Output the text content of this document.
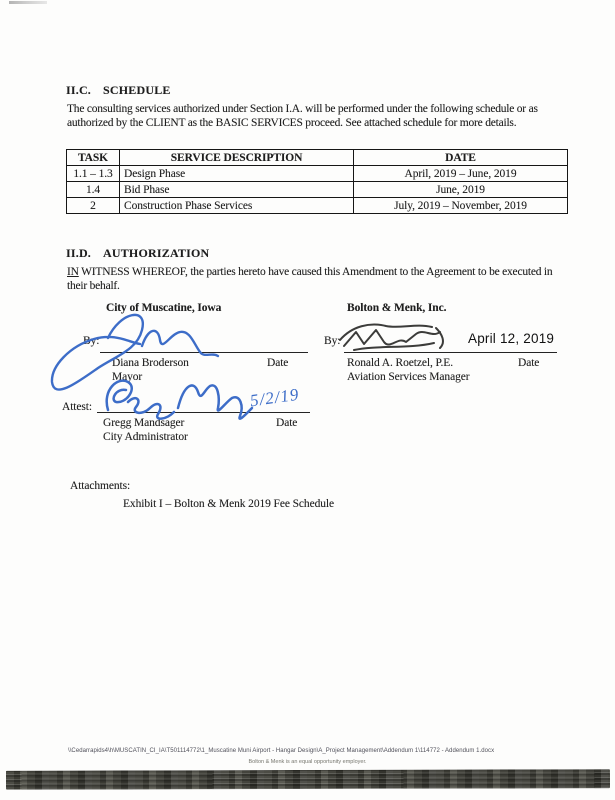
II.C. SCHEDULE
The consulting services authorized under Section I.A. will be performed under the following schedule or as authorized by the CLIENT as the BASIC SERVICES proceed. See attached schedule for more details.
TASK	SERVICE DESCRIPTION	DATE
1.1 – 1.3	Design Phase	April, 2019 – June, 2019
1.4	Bid Phase	June, 2019
2	Construction Phase Services	July, 2019 – November, 2019
II.D. AUTHORIZATION
IN WITNESS WHEREOF, the parties hereto have caused this Amendment to the Agreement to be executed in their behalf.
City of Muscatine, Iowa
By:
Diana Broderson	Date
Mayor
Bolton & Menk, Inc.
By:	April 12, 2019
Ronald A. Roetzel, P.E.	Date
Aviation Services Manager
Attest:
Gregg Mandsager	Date
City Administrator
5/2/19
Attachments:
Exhibit I – Bolton & Menk 2019 Fee Schedule
\\Cedarrapids4\h\MUSCATIN_CI_IA\T501114772\1_Muscatine Muni Airport - Hangar Design\A_Project Management\Addendum 1\114772 - Addendum 1.docx
Bolton & Menk is an equal opportunity employer.
